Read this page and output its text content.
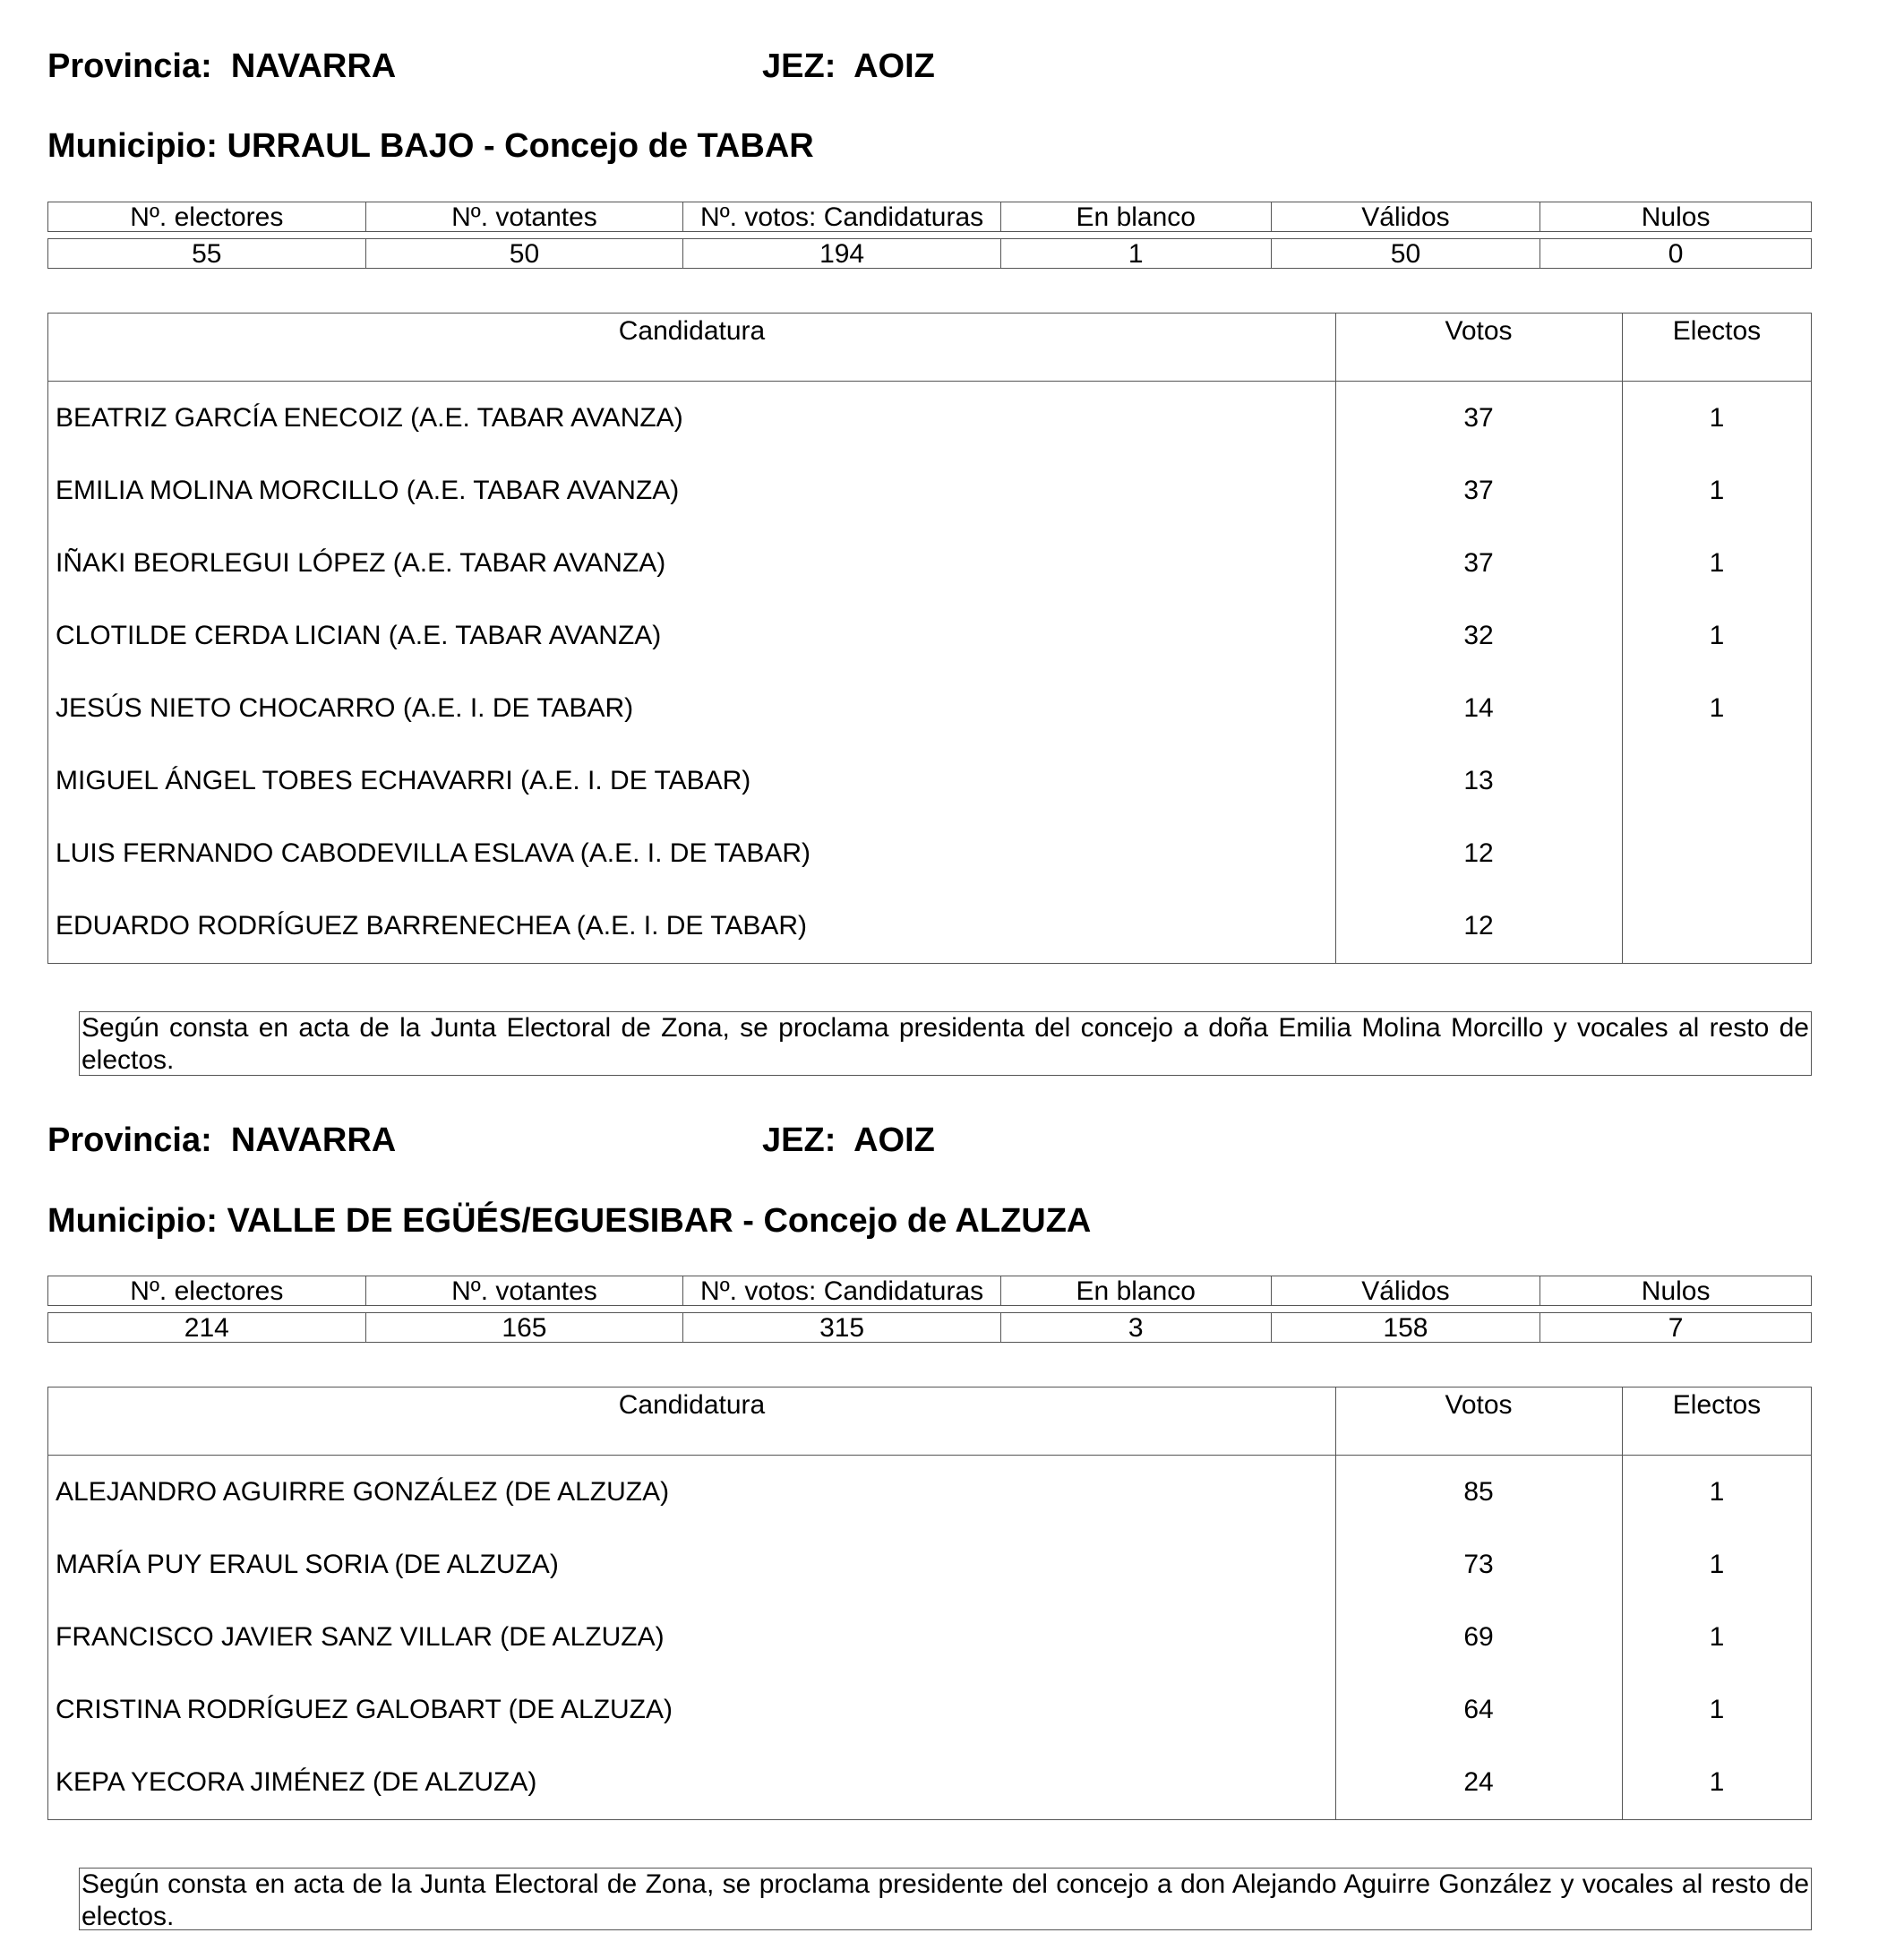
Provincia: NAVARRA	JEZ: AOIZ
Municipio: URRAUL BAJO - Concejo de TABAR
Nº. electores	Nº. votantes	Nº. votos: Candidaturas	En blanco	Válidos	Nulos
55	50	194	1	50	0
Candidatura	Votos	Electos
BEATRIZ GARCÍA ENECOIZ (A.E. TABAR AVANZA)	37	1
EMILIA MOLINA MORCILLO (A.E. TABAR AVANZA)	37	1
IÑAKI BEORLEGUI LÓPEZ (A.E. TABAR AVANZA)	37	1
CLOTILDE CERDA LICIAN (A.E. TABAR AVANZA)	32	1
JESÚS NIETO CHOCARRO (A.E. I. DE TABAR)	14	1
MIGUEL ÁNGEL TOBES ECHAVARRI (A.E. I. DE TABAR)	13
LUIS FERNANDO CABODEVILLA ESLAVA (A.E. I. DE TABAR)	12
EDUARDO RODRÍGUEZ BARRENECHEA (A.E. I. DE TABAR)	12
Según consta en acta de la Junta Electoral de Zona, se proclama presidenta del concejo a doña Emilia Molina Morcillo y vocales al resto de electos.
Provincia: NAVARRA	JEZ: AOIZ
Municipio: VALLE DE EGÜÉS/EGUESIBAR - Concejo de ALZUZA
Nº. electores	Nº. votantes	Nº. votos: Candidaturas	En blanco	Válidos	Nulos
214	165	315	3	158	7
Candidatura	Votos	Electos
ALEJANDRO AGUIRRE GONZÁLEZ (DE ALZUZA)	85	1
MARÍA PUY ERAUL SORIA (DE ALZUZA)	73	1
FRANCISCO JAVIER SANZ VILLAR (DE ALZUZA)	69	1
CRISTINA RODRÍGUEZ GALOBART (DE ALZUZA)	64	1
KEPA YECORA JIMÉNEZ (DE ALZUZA)	24	1
Según consta en acta de la Junta Electoral de Zona, se proclama presidente del concejo a don Alejando Aguirre González y vocales al resto de electos.
